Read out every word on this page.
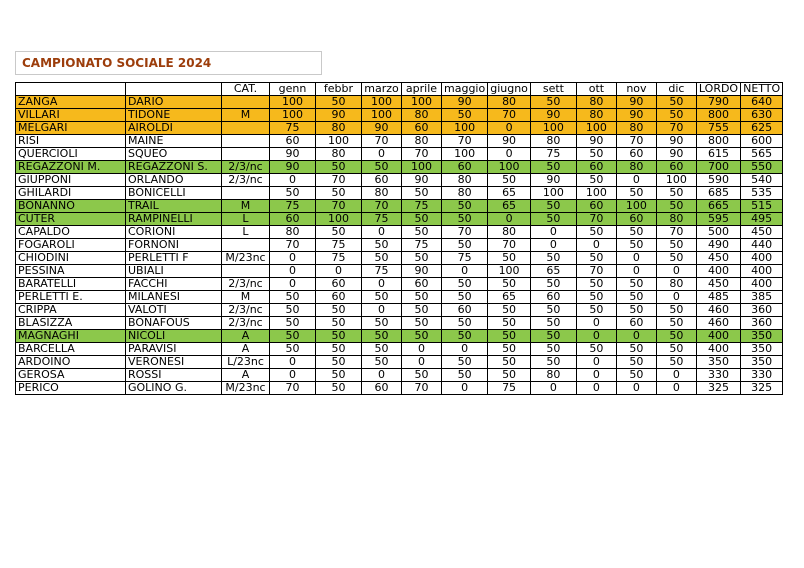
CAMPIONATO SOCIALE 2024
		CAT.	genn	febbr	marzo	aprile	maggio	giugno	sett	ott	nov	dic	LORDO	NETTO
ZANGA	DARIO		100	50	100	100	90	80	50	80	90	50	790	640
VILLARI	TIDONE	M	100	90	100	80	50	70	90	80	90	50	800	630
MELGARI	AIROLDI		75	80	90	60	100	0	100	100	80	70	755	625
RISI	MAINE		60	100	70	80	70	90	80	90	70	90	800	600
QUERCIOLI	SQUEO		90	80	0	70	100	0	75	50	60	90	615	565
REGAZZONI M.	REGAZZONI S.	2/3/nc	90	50	50	100	60	100	50	60	80	60	700	550
GIUPPONI	ORLANDO	2/3/nc	0	70	60	90	80	50	90	50	0	100	590	540
GHILARDI	BONICELLI		50	50	80	50	80	65	100	100	50	50	685	535
BONANNO	TRAIL	M	75	70	70	75	50	65	50	60	100	50	665	515
CUTER	RAMPINELLI	L	60	100	75	50	50	0	50	70	60	80	595	495
CAPALDO	CORIONI	L	80	50	0	50	70	80	0	50	50	70	500	450
FOGAROLI	FORNONI		70	75	50	75	50	70	0	0	50	50	490	440
CHIODINI	PERLETTI F	M/23nc	0	75	50	50	75	50	50	50	0	50	450	400
PESSINA	UBIALI		0	0	75	90	0	100	65	70	0	0	400	400
BARATELLI	FACCHI	2/3/nc	0	60	0	60	50	50	50	50	50	80	450	400
PERLETTI E.	MILANESI	M	50	60	50	50	50	65	60	50	50	0	485	385
CRIPPA	VALOTI	2/3/nc	50	50	0	50	60	50	50	50	50	50	460	360
BLASIZZA	BONAFOUS	2/3/nc	50	50	50	50	50	50	50	0	60	50	460	360
MAGNAGHI	NICOLI	A	50	50	50	50	50	50	50	0	0	50	400	350
BARCELLA	PARAVISI	A	50	50	50	0	0	50	50	50	50	50	400	350
ARDOINO	VERONESI	L/23nc	0	50	50	0	50	50	50	0	50	50	350	350
GEROSA	ROSSI	A	0	50	0	50	50	50	80	0	50	0	330	330
PERICO	GOLINO G.	M/23nc	70	50	60	70	0	75	0	0	0	0	325	325
